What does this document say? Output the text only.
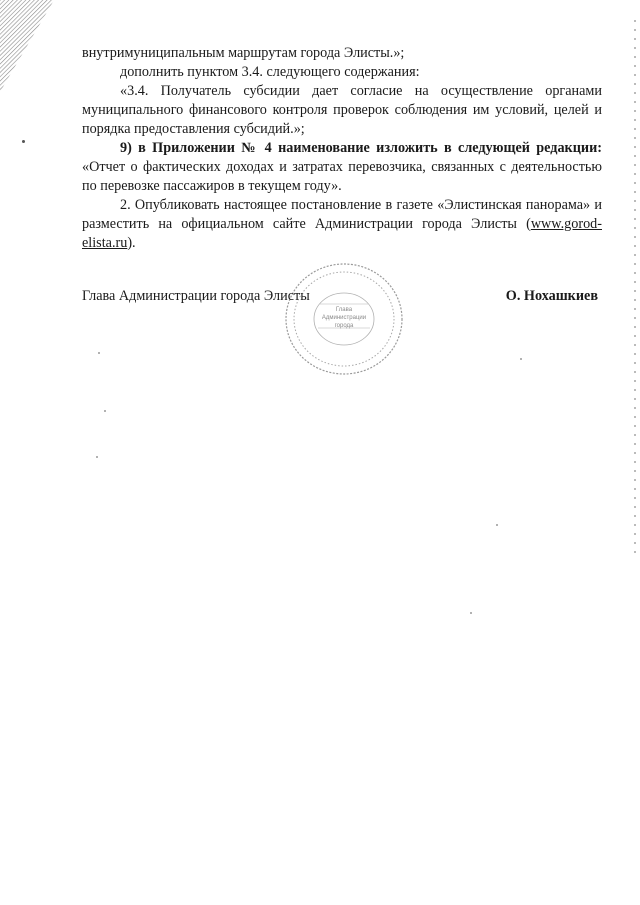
внутримуниципальным маршрутам города Элисты.»;

дополнить пунктом 3.4. следующего содержания:

«3.4. Получатель субсидии дает согласие на осуществление органами муниципального финансового контроля проверок соблюдения им условий, целей и порядка предоставления субсидий.»;

9) в Приложении № 4 наименование изложить в следующей редакции: «Отчет о фактических доходах и затратах перевозчика, связанных с деятельностью по перевозке пассажиров в текущем году».

2. Опубликовать настоящее постановление в газете «Элистинская панорама» и разместить на официальном сайте Администрации города Элисты (www.gorod-elista.ru).

Глава
Администрации
города
Глава Администрации города Элисты	О. Нохашкиев
